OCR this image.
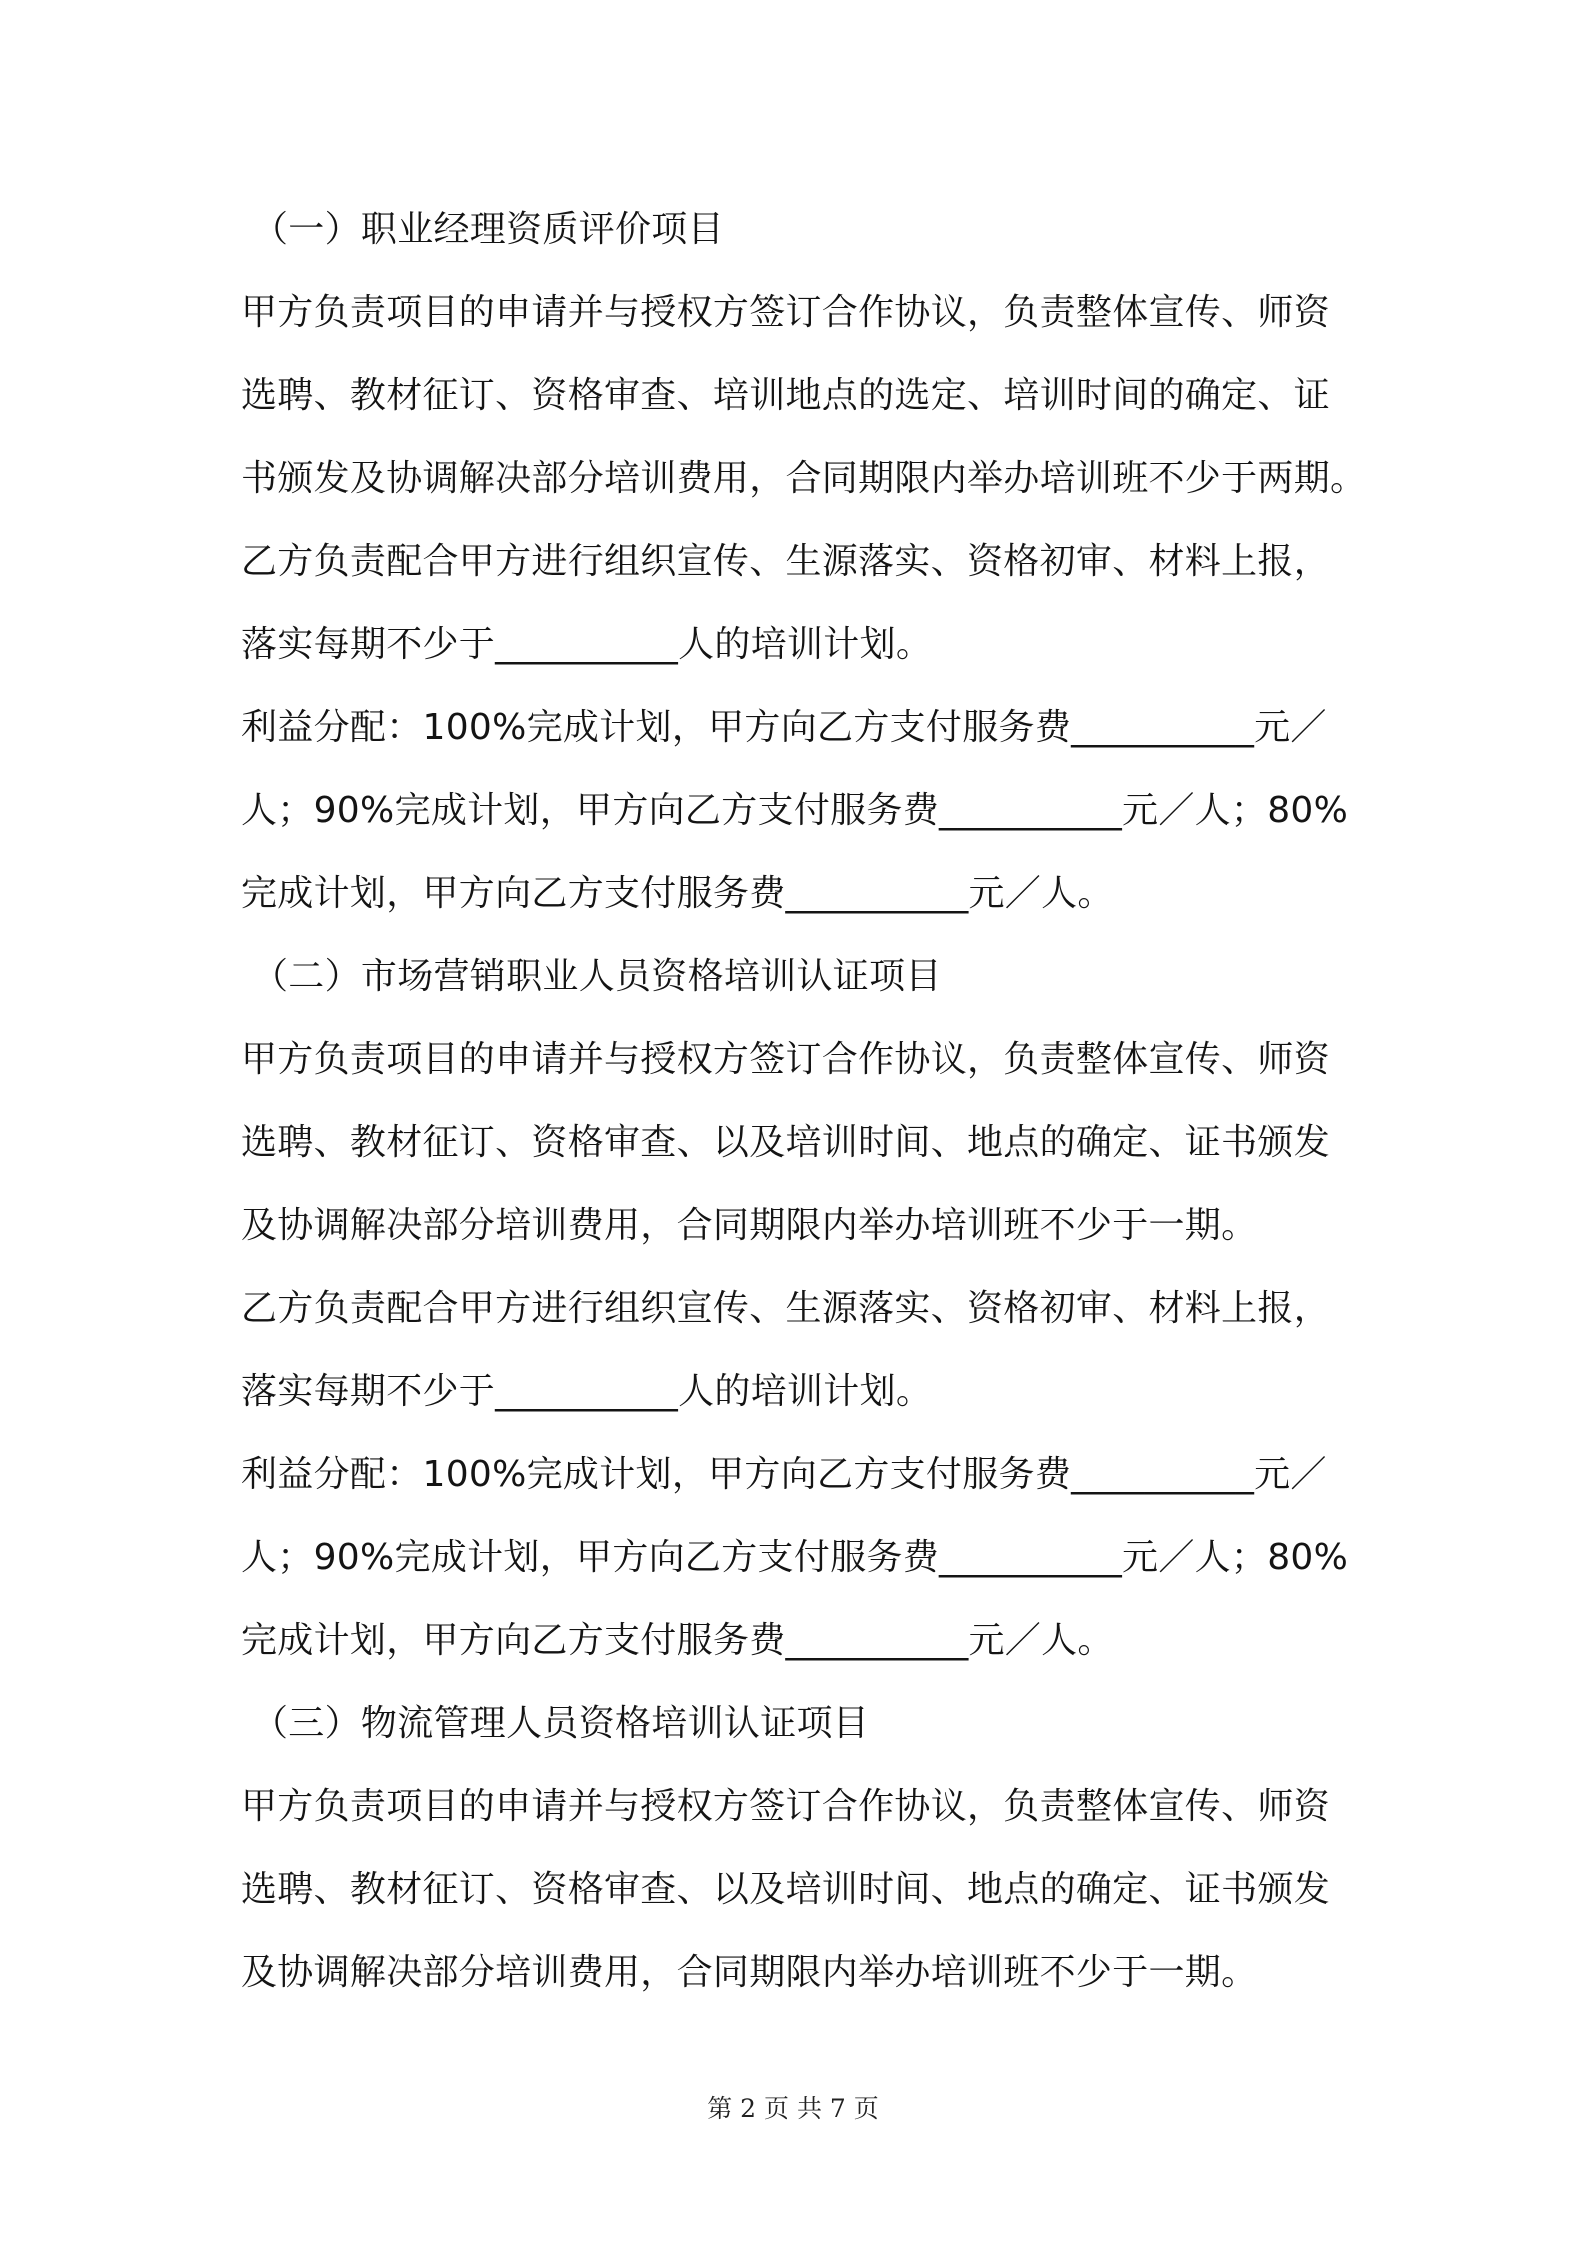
（一）职业经理资质评价项目

甲方负责项目的申请并与授权方签订合作协议，负责整体宣传、师资

选聘、教材征订、资格审查、培训地点的选定、培训时间的确定、证

书颁发及协调解决部分培训费用，合同期限内举办培训班不少于两期。

乙方负责配合甲方进行组织宣传、生源落实、资格初审、材料上报，

落实每期不少于__________人的培训计划。

利益分配：100%完成计划，甲方向乙方支付服务费__________元／

人；90%完成计划，甲方向乙方支付服务费__________元／人；80%

完成计划，甲方向乙方支付服务费__________元／人。

（二）市场营销职业人员资格培训认证项目

甲方负责项目的申请并与授权方签订合作协议，负责整体宣传、师资

选聘、教材征订、资格审查、以及培训时间、地点的确定、证书颁发

及协调解决部分培训费用，合同期限内举办培训班不少于一期。

乙方负责配合甲方进行组织宣传、生源落实、资格初审、材料上报，

落实每期不少于__________人的培训计划。

利益分配：100%完成计划，甲方向乙方支付服务费__________元／

人；90%完成计划，甲方向乙方支付服务费__________元／人；80%

完成计划，甲方向乙方支付服务费__________元／人。

（三）物流管理人员资格培训认证项目

甲方负责项目的申请并与授权方签订合作协议，负责整体宣传、师资

选聘、教材征订、资格审查、以及培训时间、地点的确定、证书颁发

及协调解决部分培训费用，合同期限内举办培训班不少于一期。

第 2 页 共 7 页
